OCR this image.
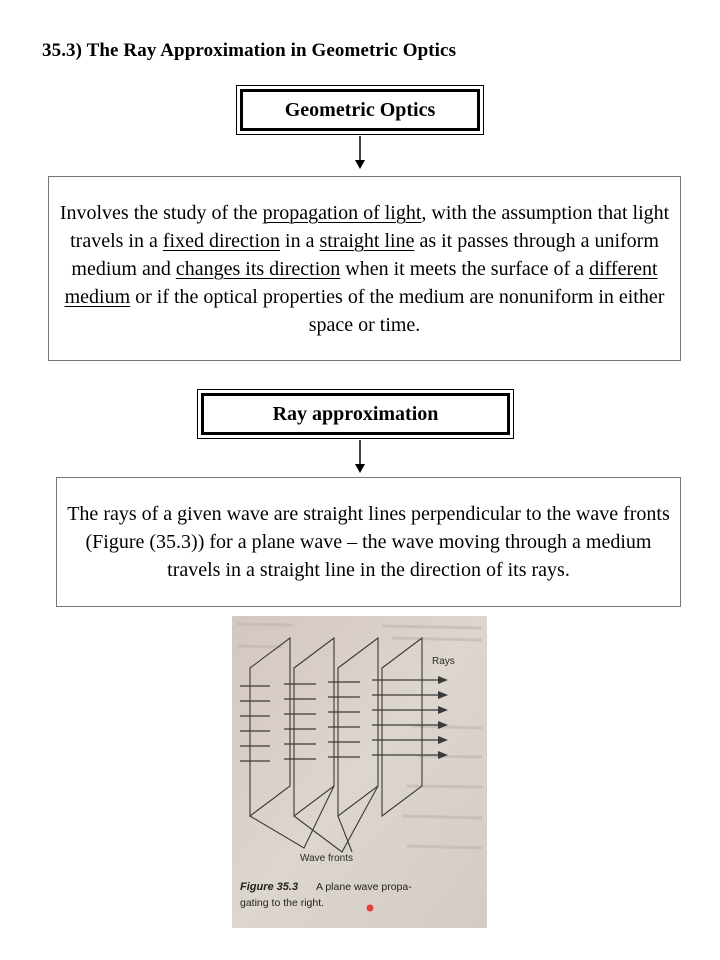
35.3) The Ray Approximation in Geometric Optics
Geometric Optics
Involves the study of the propagation of light, with the assumption that light travels in a fixed direction in a straight line as it passes through a uniform medium and changes its direction when it meets the surface of a different medium or if the optical properties of the medium are nonuniform in either space or time.
Ray approximation
The rays of a given wave are straight lines perpendicular to the wave fronts (Figure (35.3)) for a plane wave – the wave moving through a medium travels in a straight line in the direction of its rays.
Rays
Wave fronts
Figure 35.3 A plane wave propa-
gating to the right.
